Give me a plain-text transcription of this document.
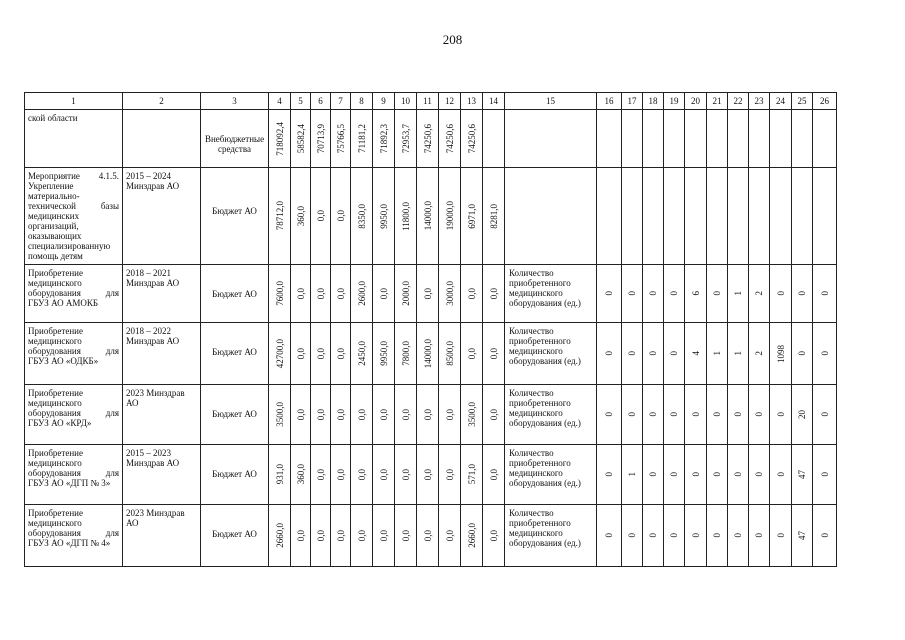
208
1	2	3	4	5	6	7	8	9	10	11	12	13	14	15	16	17	18	19	20	21	22	23	24	25	26
ской области		Внебюджетные средства	718092,4	58582,4	70713,9	75766,5	71181,2	71892,3	72953,7	74250,6	74250,6	74250,6													

Мероприятие 4.1.5. Укрепление материально-технической базы медицинских организаций, оказывающих специализированную помощь детям	2015 – 2024 Минздрав АО	Бюджет АО	78712,0	360,0	0,0	0,0	8350,0	9950,0	11800,0	14000,0	19000,0	6971,0	8281,0												

Приобретение медицинского оборудования для ГБУЗ АО АМОКБ	2018 – 2021 Минздрав АО	Бюджет АО	7600,0	0,0	0,0	0,0	2600,0	0,0	2000,0	0,0	3000,0	0,0	0,0	Количество приобретенного медицинского оборудования (ед.)	0	0	0	0	6	0	1	2	0	0	0

Приобретение медицинского оборудования для ГБУЗ АО «ОДКБ»	2018 – 2022 Минздрав АО	Бюджет АО	42700,0	0,0	0,0	0,0	2450,0	9950,0	7800,0	14000,0	8500,0	0,0	0,0	Количество приобретенного медицинского оборудования (ед.)	0	0	0	0	4	1	1	2	1098	0	0

Приобретение медицинского оборудования для ГБУЗ АО «КРД»	2023 Минздрав АО	Бюджет АО	3500,0	0,0	0,0	0,0	0,0	0,0	0,0	0,0	0,0	3500,0	0,0	Количество приобретенного медицинского оборудования (ед.)	0	0	0	0	0	0	0	0	0	20	0

Приобретение медицинского оборудования для ГБУЗ АО «ДГП № 3»	2015 – 2023 Минздрав АО	Бюджет АО	931,0	360,0	0,0	0,0	0,0	0,0	0,0	0,0	0,0	571,0	0,0	Количество приобретенного медицинского оборудования (ед.)	0	1	0	0	0	0	0	0	0	47	0

Приобретение медицинского оборудования для ГБУЗ АО «ДГП № 4»	2023 Минздрав АО	Бюджет АО	2660,0	0,0	0,0	0,0	0,0	0,0	0,0	0,0	0,0	2660,0	0,0	Количество приобретенного медицинского оборудования (ед.)	0	0	0	0	0	0	0	0	0	47	0
